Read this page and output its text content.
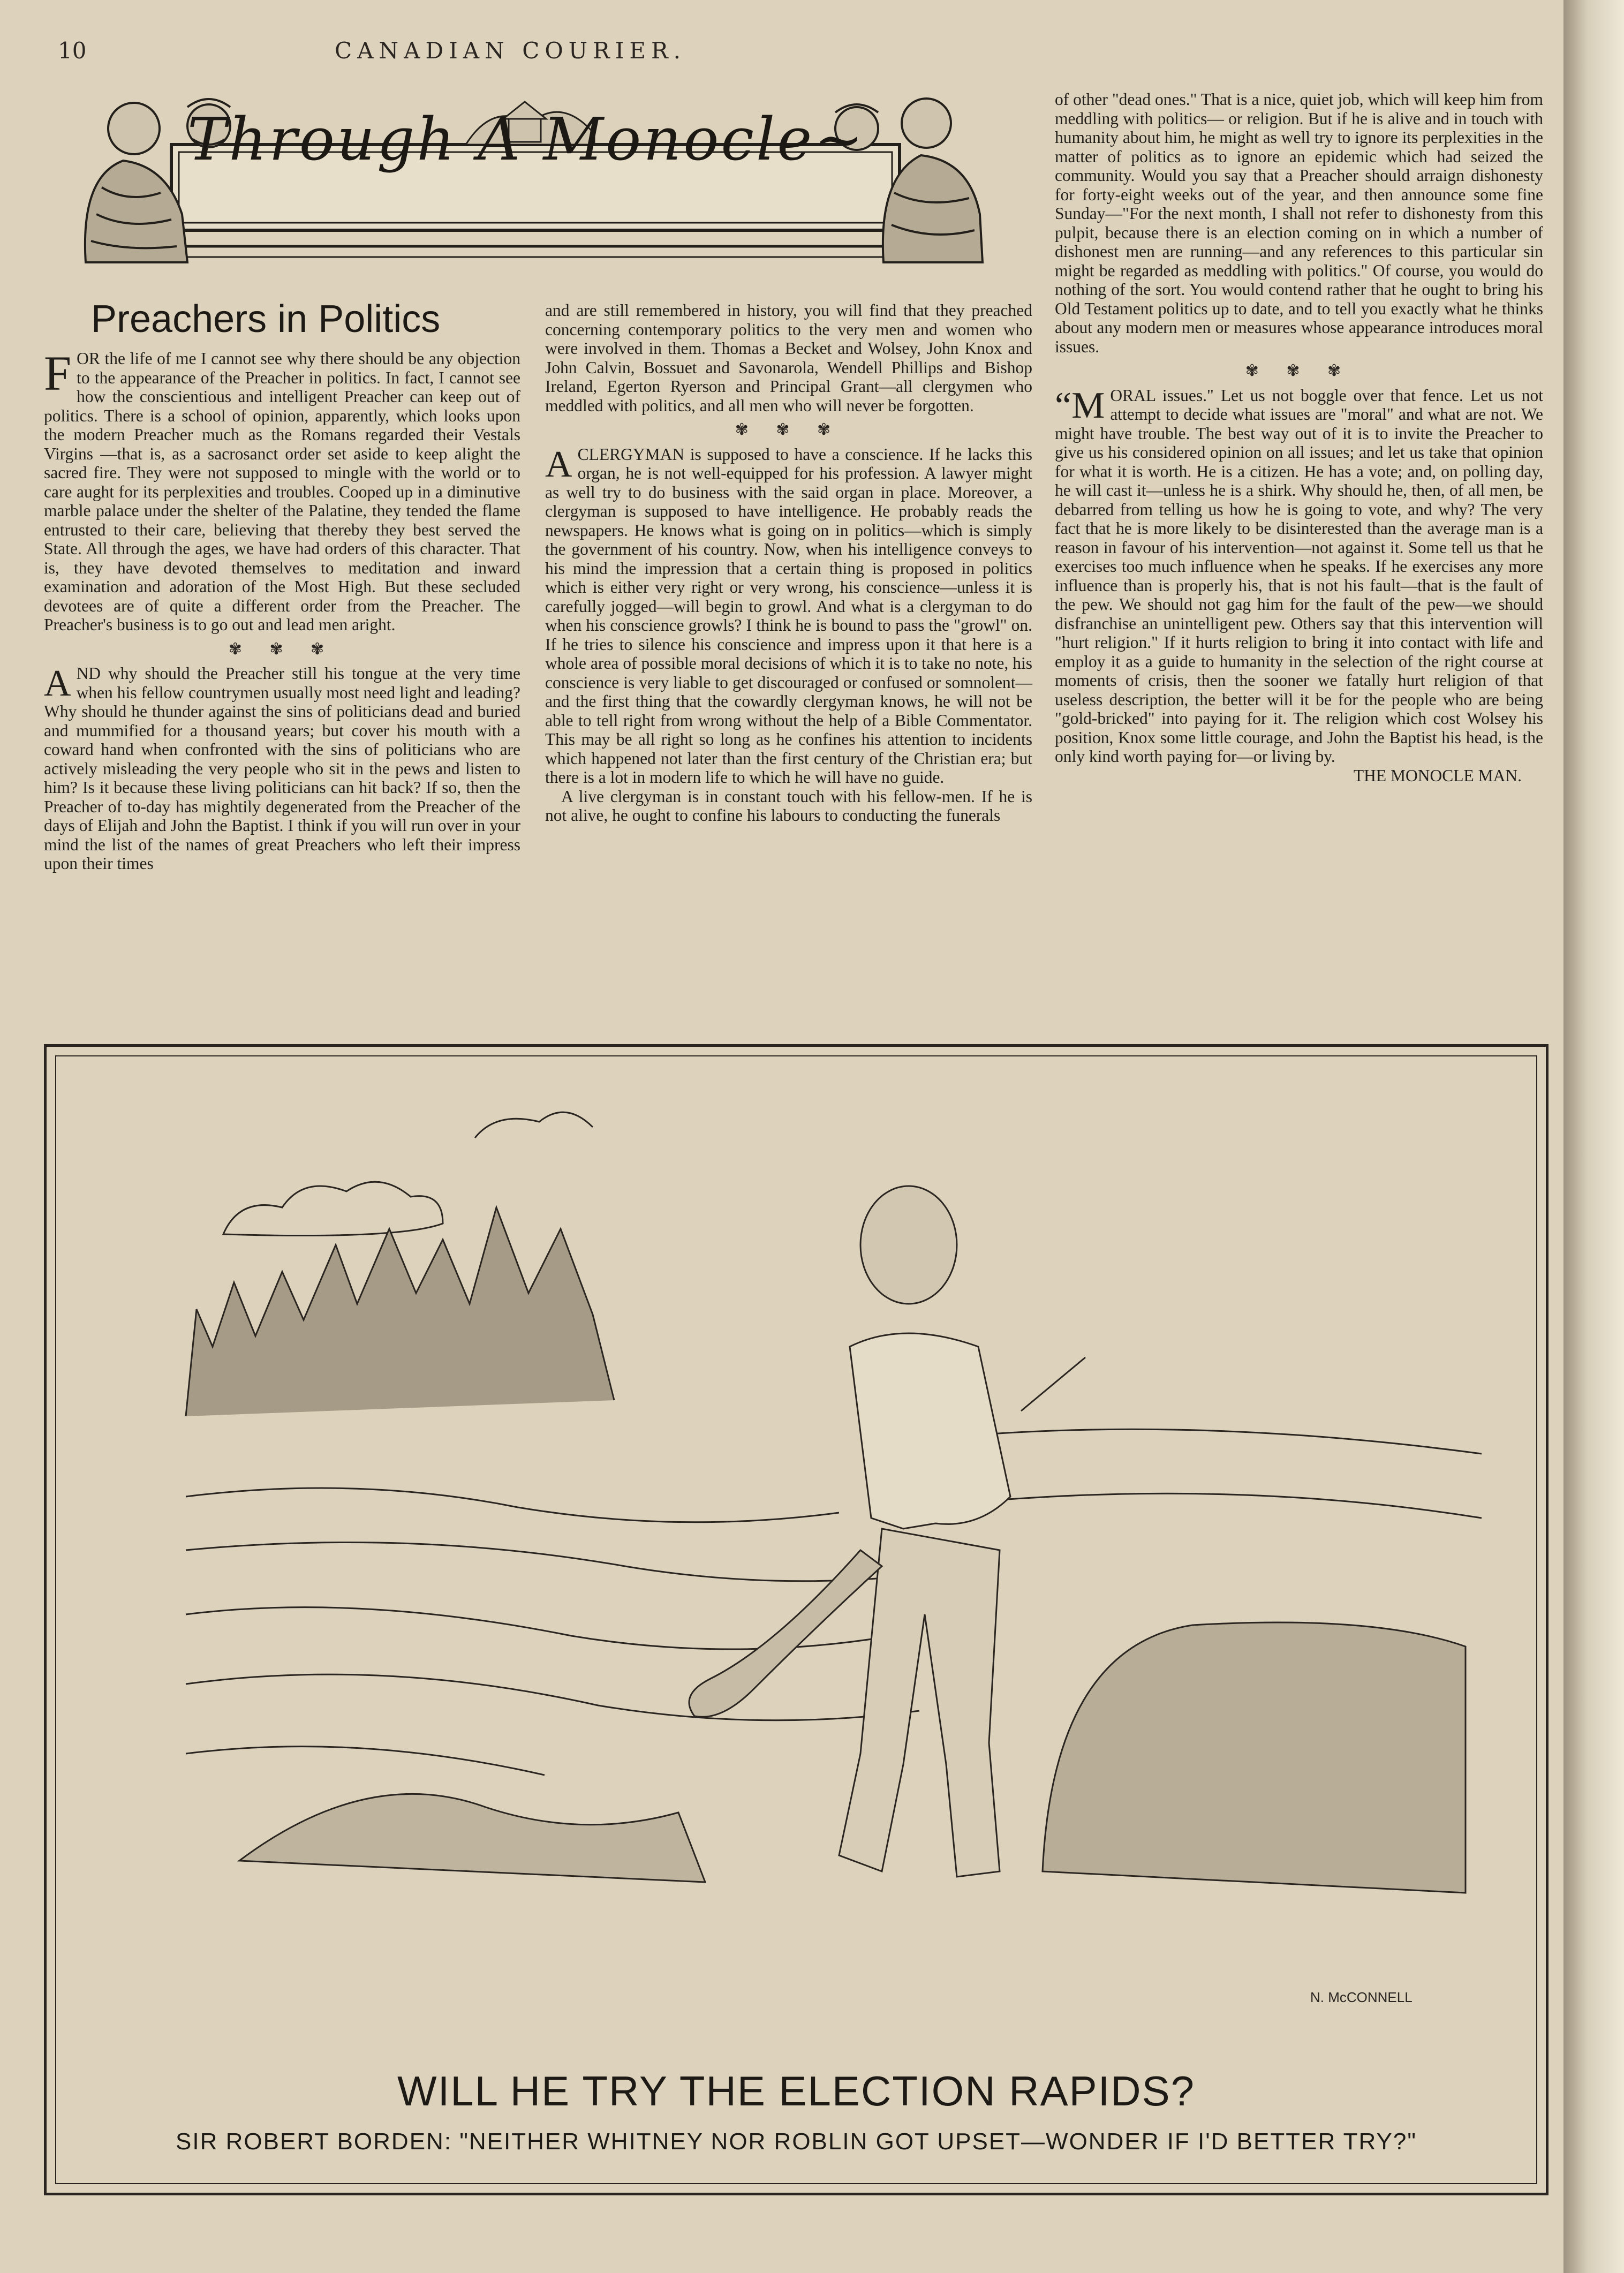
10	CANADIAN COURIER.
Through A Monocle~
Preachers in Politics

FOR the life of me I cannot see why there should be any objection to the appearance of the Preacher in politics. In fact, I cannot see how the conscientious and intelligent Preacher can keep out of politics. There is a school of opinion, apparently, which looks upon the modern Preacher much as the Romans regarded their Vestals Virgins —that is, as a sacrosanct order set aside to keep alight the sacred fire. They were not supposed to mingle with the world or to care aught for its perplexities and troubles. Cooped up in a diminutive marble palace under the shelter of the Palatine, they tended the flame entrusted to their care, believing that thereby they best served the State. All through the ages, we have had orders of this character. That is, they have devoted themselves to meditation and inward examination and adoration of the Most High. But these secluded devotees are of quite a different order from the Preacher. The Preacher's business is to go out and lead men aright.

✾ ✾ ✾

AND why should the Preacher still his tongue at the very time when his fellow countrymen usually most need light and leading? Why should he thunder against the sins of politicians dead and buried and mummified for a thousand years; but cover his mouth with a coward hand when confronted with the sins of politicians who are actively misleading the very people who sit in the pews and listen to him? Is it because these living politicians can hit back? If so, then the Preacher of to-day has mightily degenerated from the Preacher of the days of Elijah and John the Baptist. I think if you will run over in your mind the list of the names of great Preachers who left their impress upon their times

and are still remembered in history, you will find that they preached concerning contemporary politics to the very men and women who were involved in them. Thomas a Becket and Wolsey, John Knox and John Calvin, Bossuet and Savonarola, Wendell Phillips and Bishop Ireland, Egerton Ryerson and Principal Grant—all clergymen who meddled with politics, and all men who will never be forgotten.

✾ ✾ ✾

ACLERGYMAN is supposed to have a conscience. If he lacks this organ, he is not well-equipped for his profession. A lawyer might as well try to do business with the said organ in place. Moreover, a clergyman is supposed to have intelligence. He probably reads the newspapers. He knows what is going on in politics—which is simply the government of his country. Now, when his intelligence conveys to his mind the impression that a certain thing is proposed in politics which is either very right or very wrong, his conscience—unless it is carefully jogged—will begin to growl. And what is a clergyman to do when his conscience growls? I think he is bound to pass the "growl" on. If he tries to silence his conscience and impress upon it that here is a whole area of possible moral decisions of which it is to take no note, his conscience is very liable to get discouraged or confused or somnolent—and the first thing that the cowardly clergyman knows, he will not be able to tell right from wrong without the help of a Bible Commentator. This may be all right so long as he confines his attention to incidents which happened not later than the first century of the Christian era; but there is a lot in modern life to which he will have no guide.

A live clergyman is in constant touch with his fellow-men. If he is not alive, he ought to confine his labours to conducting the funerals

of other "dead ones." That is a nice, quiet job, which will keep him from meddling with politics— or religion. But if he is alive and in touch with humanity about him, he might as well try to ignore its perplexities in the matter of politics as to ignore an epidemic which had seized the community. Would you say that a Preacher should arraign dishonesty for forty-eight weeks out of the year, and then announce some fine Sunday—"For the next month, I shall not refer to dishonesty from this pulpit, because there is an election coming on in which a number of dishonest men are running—and any references to this particular sin might be regarded as meddling with politics." Of course, you would do nothing of the sort. You would contend rather that he ought to bring his Old Testament politics up to date, and to tell you exactly what he thinks about any modern men or measures whose appearance introduces moral issues.

✾ ✾ ✾

“MORAL issues." Let us not boggle over that fence. Let us not attempt to decide what issues are "moral" and what are not. We might have trouble. The best way out of it is to invite the Preacher to give us his considered opinion on all issues; and let us take that opinion for what it is worth. He is a citizen. He has a vote; and, on polling day, he will cast it—unless he is a shirk. Why should he, then, of all men, be debarred from telling us how he is going to vote, and why? The very fact that he is more likely to be disinterested than the average man is a reason in favour of his intervention—not against it. Some tell us that he exercises too much influence when he speaks. If he exercises any more influence than is properly his, that is not his fault—that is the fault of the pew. We should not gag him for the fault of the pew—we should disfranchise an unintelligent pew. Others say that this intervention will "hurt religion." If it hurts religion to bring it into contact with life and employ it as a guide to humanity in the selection of the right course at moments of crisis, then the sooner we fatally hurt religion of that useless description, the better will it be for the people who are being "gold-bricked" into paying for it. The religion which cost Wolsey his position, Knox some little courage, and John the Baptist his head, is the only kind worth paying for—or living by.

THE MONOCLE MAN.
N. McCONNELL
WILL HE TRY THE ELECTION RAPIDS?
SIR ROBERT BORDEN: "NEITHER WHITNEY NOR ROBLIN GOT UPSET—WONDER IF I'D BETTER TRY?"
